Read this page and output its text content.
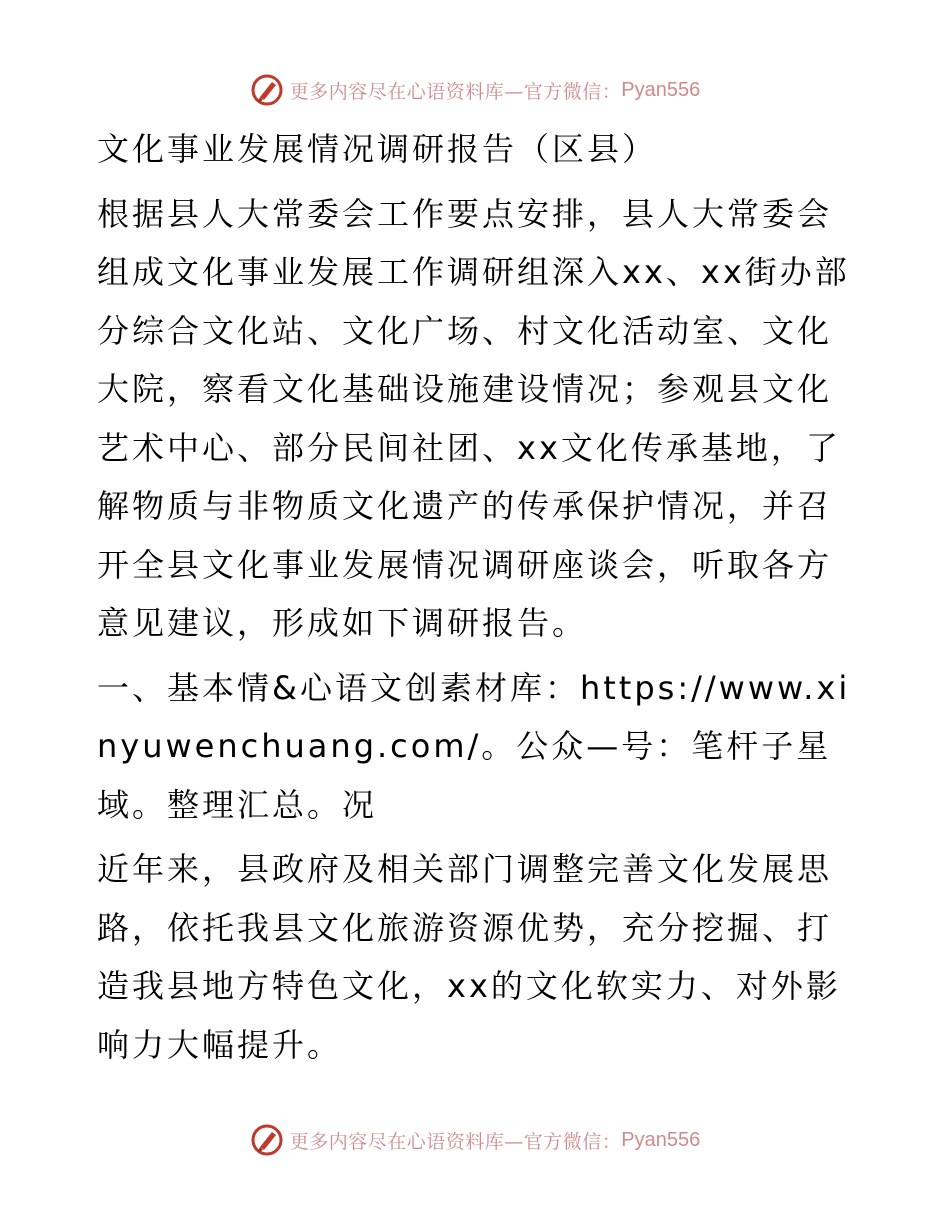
更多内容尽在心语资料库—官方微信： Pyan556

文化事业发展情况调研报告（区县）

根据县人大常委会工作要点安排，县人大常委会组成文化事业发展工作调研组深入xx、xx街办部分综合文化站、文化广场、村文化活动室、文化大院，察看文化基础设施建设情况；参观县文化艺术中心、部分民间社团、xx文化传承基地，了解物质与非物质文化遗产的传承保护情况，并召开全县文化事业发展情况调研座谈会，听取各方意见建议，形成如下调研报告。

一、基本情&心语文创素材库：https://www.xinyuwenchuang.com/。公众—号：笔杆子星域。整理汇总。况

近年来，县政府及相关部门调整完善文化发展思路，依托我县文化旅游资源优势，充分挖掘、打造我县地方特色文化，xx的文化软实力、对外影响力大幅提升。

更多内容尽在心语资料库—官方微信： Pyan556
